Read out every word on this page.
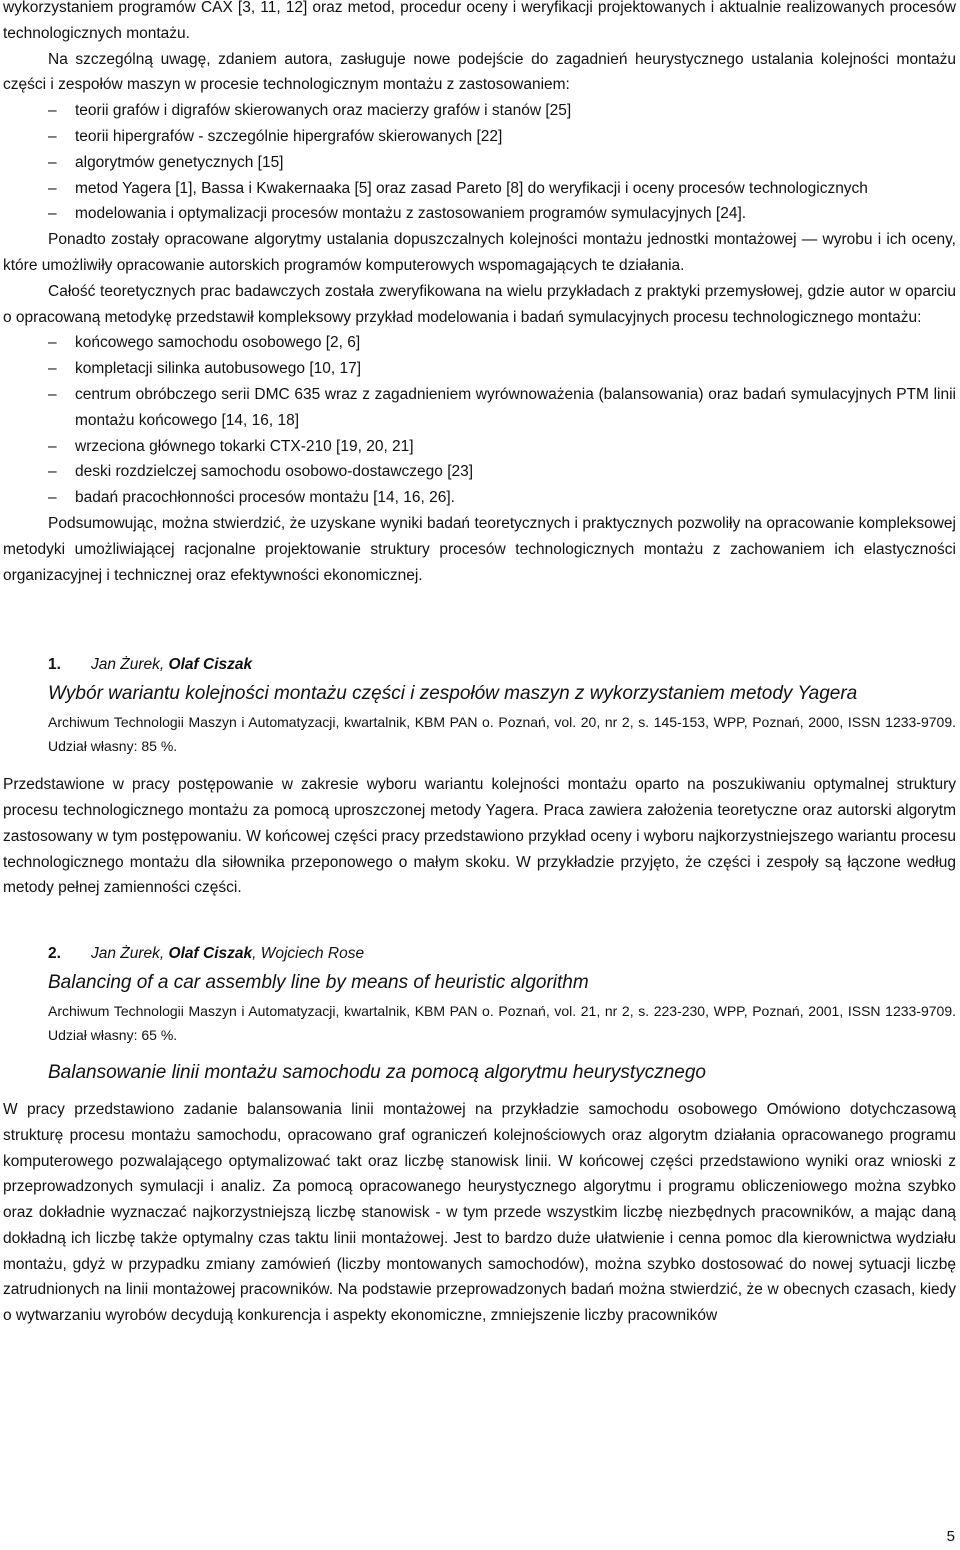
wykorzystaniem programów CAX [3, 11, 12] oraz metod, procedur oceny i weryfikacji projektowanych i aktualnie realizowanych procesów technologicznych montażu.

Na szczególną uwagę, zdaniem autora, zasługuje nowe podejście do zagadnień heurystycznego ustalania kolejności montażu części i zespołów maszyn w procesie technologicznym montażu z zastosowaniem:

– teorii grafów i digrafów skierowanych oraz macierzy grafów i stanów [25]
– teorii hipergrafów - szczególnie hipergrafów skierowanych [22]
– algorytmów genetycznych [15]
– metod Yagera [1], Bassa i Kwakernaaka [5] oraz zasad Pareto [8] do weryfikacji i oceny procesów technologicznych
– modelowania i optymalizacji procesów montażu z zastosowaniem programów symulacyjnych [24].

Ponadto zostały opracowane algorytmy ustalania dopuszczalnych kolejności montażu jednostki montażowej — wyrobu i ich oceny, które umożliwiły opracowanie autorskich programów komputerowych wspomagających te działania.

Całość teoretycznych prac badawczych została zweryfikowana na wielu przykładach z praktyki przemysłowej, gdzie autor w oparciu o opracowaną metodykę przedstawił kompleksowy przykład modelowania i badań symulacyjnych procesu technologicznego montażu:

– końcowego samochodu osobowego [2, 6]
– kompletacji silinka autobusowego [10, 17]
– centrum obróbczego serii DMC 635 wraz z zagadnieniem wyrównoważenia (balansowania) oraz badań symulacyjnych PTM linii montażu końcowego [14, 16, 18]
– wrzeciona głównego tokarki CTX-210 [19, 20, 21]
– deski rozdzielczej samochodu osobowo-dostawczego [23]
– badań pracochłonności procesów montażu [14, 16, 26].

Podsumowując, można stwierdzić, że uzyskane wyniki badań teoretycznych i praktycznych pozwoliły na opracowanie kompleksowej metodyki umożliwiającej racjonalne projektowanie struktury procesów technologicznych montażu z zachowaniem ich elastyczności organizacyjnej i technicznej oraz efektywności ekonomicznej.

1. Jan Żurek, Olaf Ciszak
Wybór wariantu kolejności montażu części i zespołów maszyn z wykorzystaniem metody Yagera
Archiwum Technologii Maszyn i Automatyzacji, kwartalnik, KBM PAN o. Poznań, vol. 20, nr 2, s. 145-153, WPP, Poznań, 2000, ISSN 1233-9709. Udział własny: 85 %.

Przedstawione w pracy postępowanie w zakresie wyboru wariantu kolejności montażu oparto na poszukiwaniu optymalnej struktury procesu technologicznego montażu za pomocą uproszczonej metody Yagera. Praca zawiera założenia teoretyczne oraz autorski algorytm zastosowany w tym postępowaniu. W końcowej części pracy przedstawiono przykład oceny i wyboru najkorzystniejszego wariantu procesu technologicznego montażu dla siłownika przeponowego o małym skoku. W przykładzie przyjęto, że części i zespoły są łączone według metody pełnej zamienności części.

2. Jan Żurek, Olaf Ciszak, Wojciech Rose
Balancing of a car assembly line by means of heuristic algorithm
Archiwum Technologii Maszyn i Automatyzacji, kwartalnik, KBM PAN o. Poznań, vol. 21, nr 2, s. 223-230, WPP, Poznań, 2001, ISSN 1233-9709. Udział własny: 65 %.
Balansowanie linii montażu samochodu za pomocą algorytmu heurystycznego

W pracy przedstawiono zadanie balansowania linii montażowej na przykładzie samochodu osobowego Omówiono dotychczasową strukturę procesu montażu samochodu, opracowano graf ograniczeń kolejnościowych oraz algorytm działania opracowanego programu komputerowego pozwalającego optymalizować takt oraz liczbę stanowisk linii. W końcowej części przedstawiono wyniki oraz wnioski z przeprowadzonych symulacji i analiz. Za pomocą opracowanego heurystycznego algorytmu i programu obliczeniowego można szybko oraz dokładnie wyznaczać najkorzystniejszą liczbę stanowisk - w tym przede wszystkim liczbę niezbędnych pracowników, a mając daną dokładną ich liczbę także optymalny czas taktu linii montażowej. Jest to bardzo duże ułatwienie i cenna pomoc dla kierownictwa wydziału montażu, gdyż w przypadku zmiany zamówień (liczby montowanych samochodów), można szybko dostosować do nowej sytuacji liczbę zatrudnionych na linii montażowej pracowników. Na podstawie przeprowadzonych badań można stwierdzić, że w obecnych czasach, kiedy o wytwarzaniu wyrobów decydują konkurencja i aspekty ekonomiczne, zmniejszenie liczby pracowników

5
